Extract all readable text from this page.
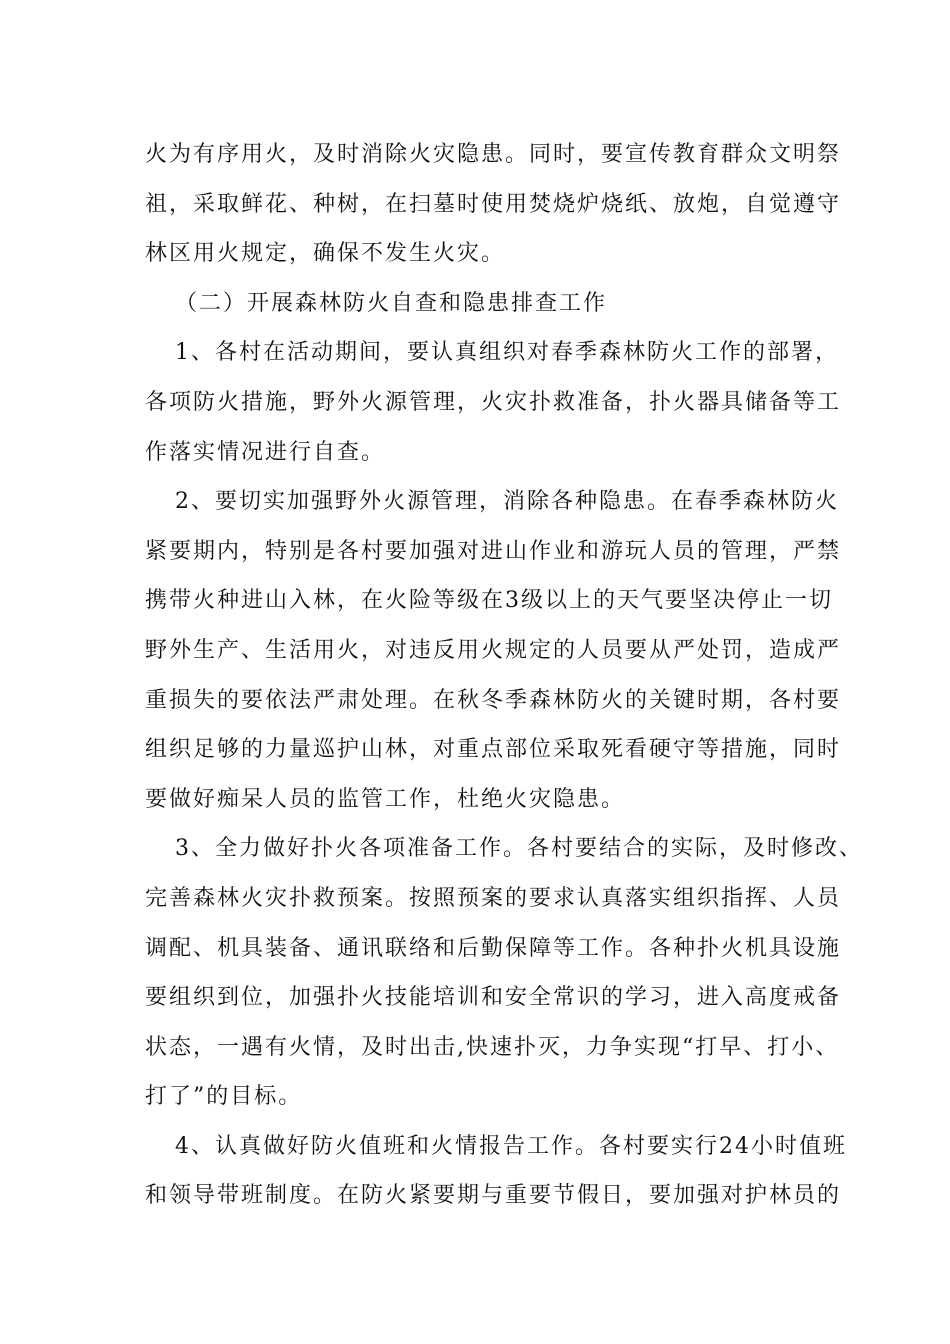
火为有序用火，及时消除火灾隐患。同时，要宣传教育群众文明祭
祖，采取鲜花、种树，在扫墓时使用焚烧炉烧纸、放炮，自觉遵守
林区用火规定，确保不发生火灾。
（二）开展森林防火自查和隐患排查工作
1、各村在活动期间，要认真组织对春季森林防火工作的部署，
各项防火措施，野外火源管理，火灾扑救准备，扑火器具储备等工
作落实情况进行自查。
2、要切实加强野外火源管理，消除各种隐患。在春季森林防火
紧要期内，特别是各村要加强对进山作业和游玩人员的管理，严禁
携带火种进山入林，在火险等级在3级以上的天气要坚决停止一切
野外生产、生活用火，对违反用火规定的人员要从严处罚，造成严
重损失的要依法严肃处理。在秋冬季森林防火的关键时期，各村要
组织足够的力量巡护山林，对重点部位采取死看硬守等措施，同时
要做好痴呆人员的监管工作，杜绝火灾隐患。
3、全力做好扑火各项准备工作。各村要结合的实际，及时修改、
完善森林火灾扑救预案。按照预案的要求认真落实组织指挥、人员
调配、机具装备、通讯联络和后勤保障等工作。各种扑火机具设施
要组织到位，加强扑火技能培训和安全常识的学习，进入高度戒备
状态，一遇有火情，及时出击,快速扑灭，力争实现“打早、打小、
打了”的目标。
4、认真做好防火值班和火情报告工作。各村要实行24小时值班
和领导带班制度。在防火紧要期与重要节假日，要加强对护林员的
